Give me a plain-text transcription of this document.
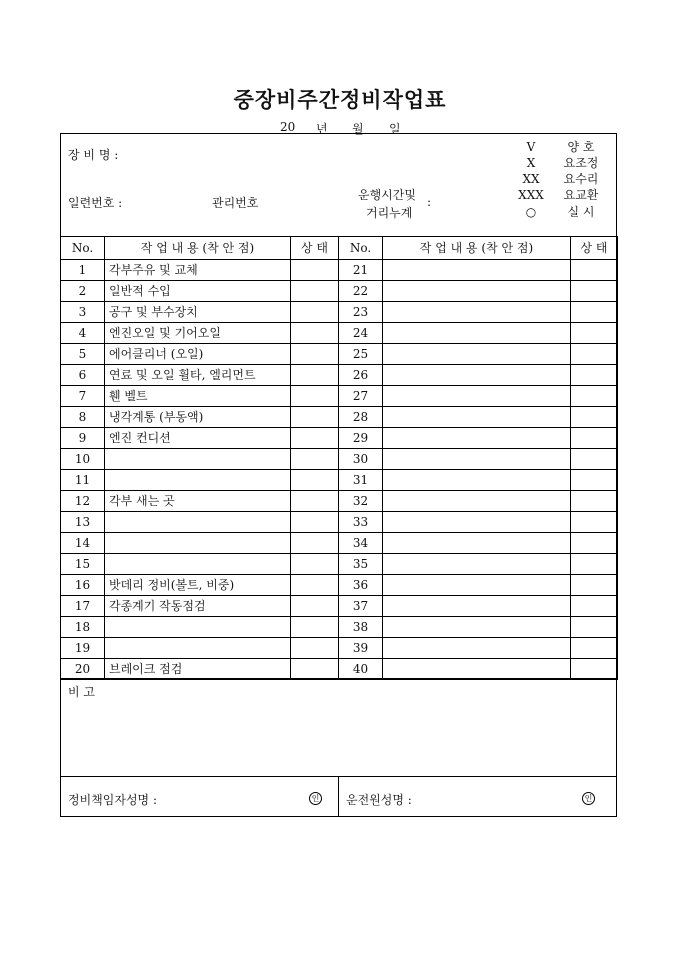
중장비주간정비작업표
20 년 월 일
장 비 명 :
일련번호 :	관리번호
운행시간및
거리누계
:
V	양 호
X 요조정
XX 요수리
XXX 요교환
○	실 시
No.	작 업 내 용 (착 안 점)	상 태	No.	작 업 내 용 (착 안 점)	상 태
1	각부주유 및 교체		21		
2	일반적 수입		22		
3	공구 및 부수장치		23		
4	엔진오일 및 기어오일		24		
5	에어클리너 (오일)		25		
6	연료 및 오일 휠타, 엘리먼트		26		
7	휀 벨트		27		
8	냉각계통 (부동액)		28		
9	엔진 컨디션		29		
10			30		
11			31		
12	각부 새는 곳		32		
13			33		
14			34		
15			35		
16	밧데리 정비(볼트, 비중)		36		
17	각종계기 작동점검		37		
18			38		
19			39		
20	브레이크 점검		40		
비 고
정비책임자성명 :	인 운전원성명 :	인
